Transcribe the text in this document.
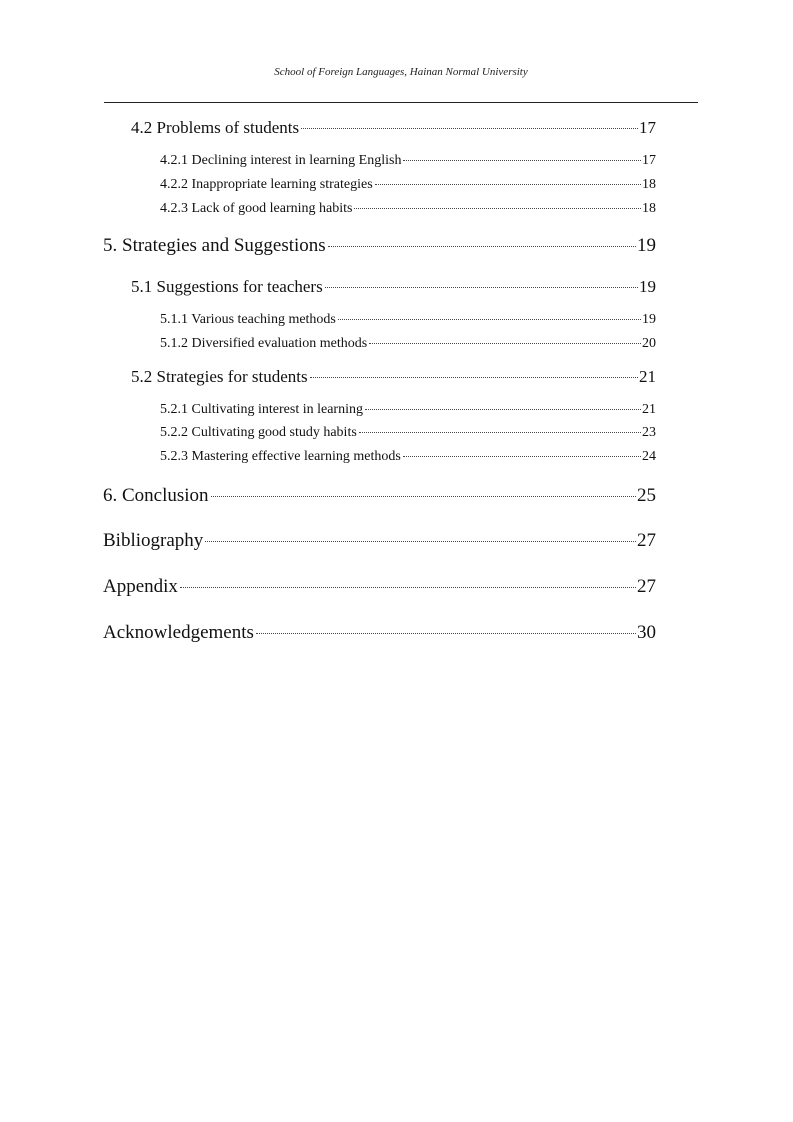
School of Foreign Languages, Hainan Normal University
4.2 Problems of students	17
4.2.1 Declining interest in learning English	17
4.2.2 Inappropriate learning strategies	18
4.2.3 Lack of good learning habits	18
5. Strategies and Suggestions	19
5.1 Suggestions for teachers	19
5.1.1 Various teaching methods	19
5.1.2 Diversified evaluation methods	20
5.2 Strategies for students	21
5.2.1 Cultivating interest in learning	21
5.2.2 Cultivating good study habits	23
5.2.3 Mastering effective learning methods	24
6. Conclusion	25
Bibliography	27
Appendix	27
Acknowledgements	30
